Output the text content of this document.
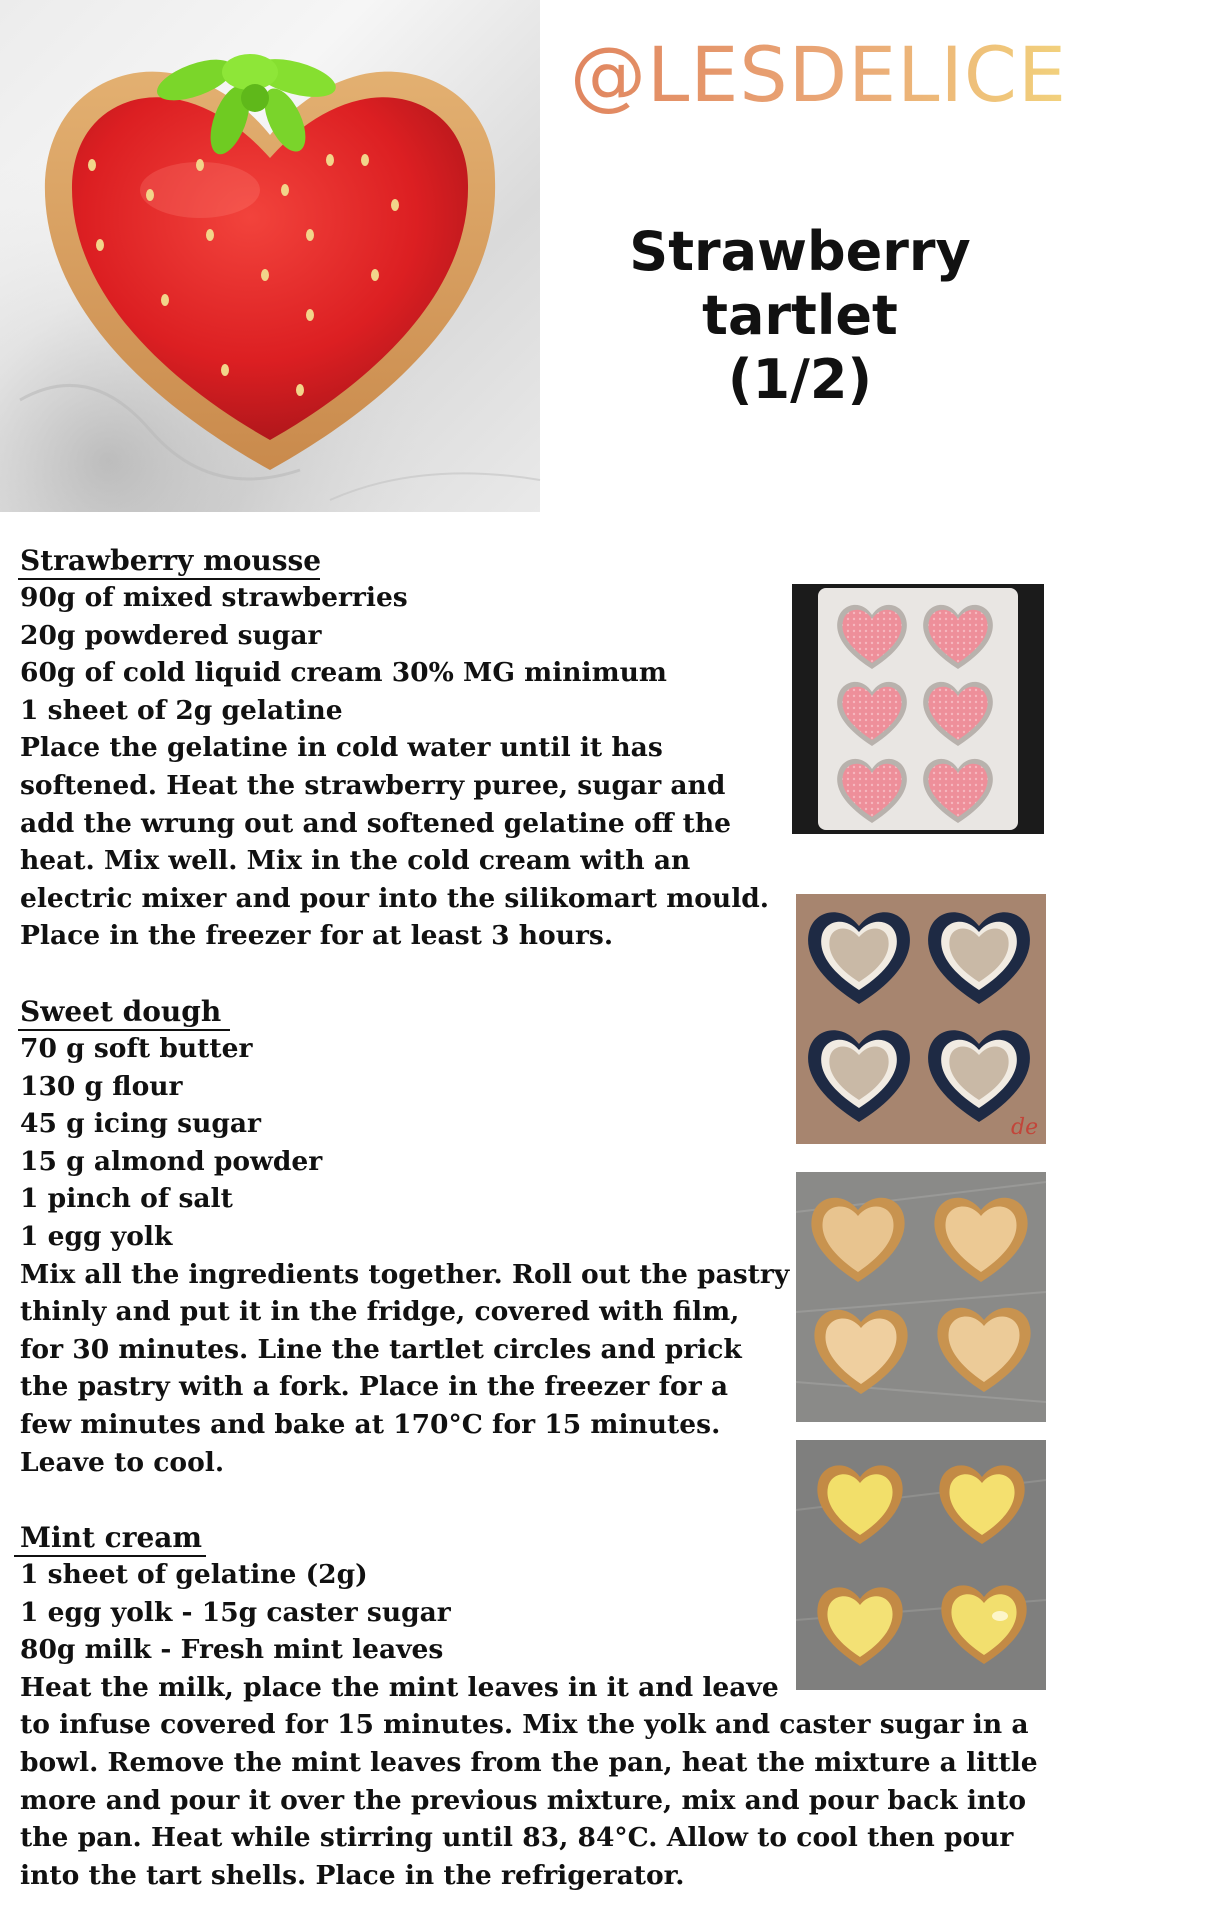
@LESDELICES31
Strawberry
tartlet
(1/2)
Strawberry mousse
90g of mixed strawberries
20g powdered sugar
60g of cold liquid cream 30% MG minimum
1 sheet of 2g gelatine
Place the gelatine in cold water until it has
softened. Heat the strawberry puree, sugar and
add the wrung out and softened gelatine off the
heat. Mix well. Mix in the cold cream with an
electric mixer and pour into the silikomart mould.
Place in the freezer for at least 3 hours.
Sweet dough
70 g soft butter
130 g flour
45 g icing sugar
15 g almond powder
1 pinch of salt
1 egg yolk
Mix all the ingredients together. Roll out the pastry
thinly and put it in the fridge, covered with film,
for 30 minutes. Line the tartlet circles and prick
the pastry with a fork. Place in the freezer for a
few minutes and bake at 170°C for 15 minutes.
Leave to cool.
Mint cream
1 sheet of gelatine (2g)
1 egg yolk - 15g caster sugar
80g milk - Fresh mint leaves
Heat the milk, place the mint leaves in it and leave
to infuse covered for 15 minutes. Mix the yolk and caster sugar in a
bowl. Remove the mint leaves from the pan, heat the mixture a little
more and pour it over the previous mixture, mix and pour back into
the pan. Heat while stirring until 83, 84°C. Allow to cool then pour
into the tart shells. Place in the refrigerator.
de
